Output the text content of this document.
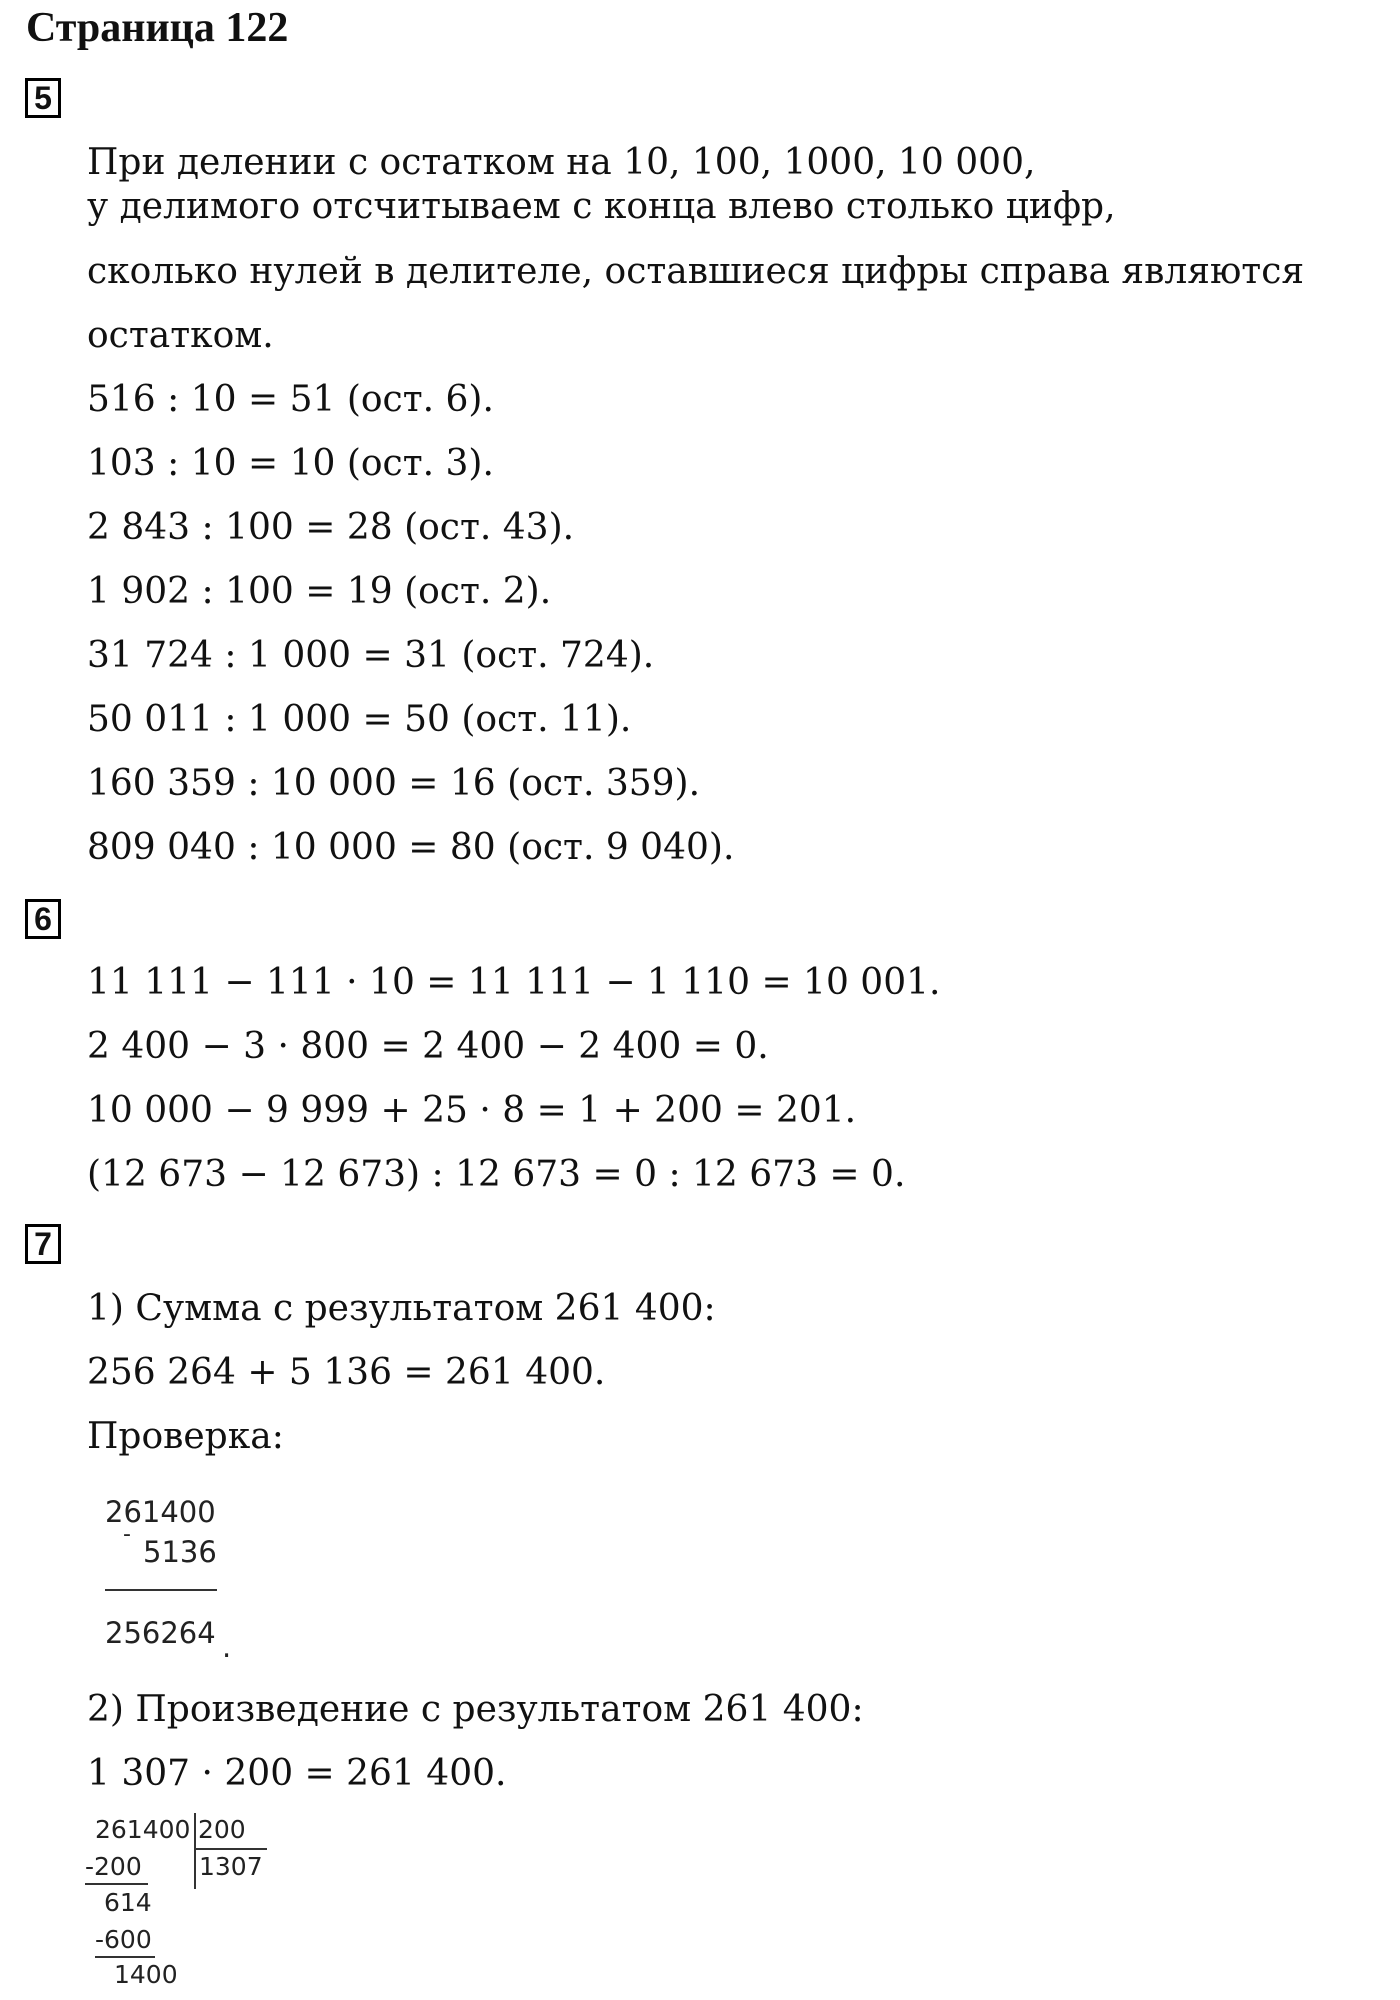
Страница 122
5
При делении с остатком на 10, 100, 1000, 10 000,
у делимого отсчитываем с конца влево столько цифр,
сколько нулей в делителе, оставшиеся цифры справа являются
остатком.
516 : 10 = 51 (ост. 6).
103 : 10 = 10 (ост. 3).
2 843 : 100 = 28 (ост. 43).
1 902 : 100 = 19 (ост. 2).
31 724 : 1 000 = 31 (ост. 724).
50 011 : 1 000 = 50 (ост. 11).
160 359 : 10 000 = 16 (ост. 359).
809 040 : 10 000 = 80 (ост. 9 040).
6
11 111 − 111 · 10 = 11 111 − 1 110 = 10 001.
2 400 − 3 · 800 = 2 400 − 2 400 = 0.
10 000 − 9 999 + 25 · 8 = 1 + 200 = 201.
(12 673 − 12 673) : 12 673 = 0 : 12 673 = 0.
7
1) Сумма с результатом 261 400:
256 264 + 5 136 = 261 400.
Проверка:
261400
-
5136
256264 .
2) Произведение с результатом 261 400:
1 307 · 200 = 261 400.
261400 200
1307
-200
614
-600
1400
